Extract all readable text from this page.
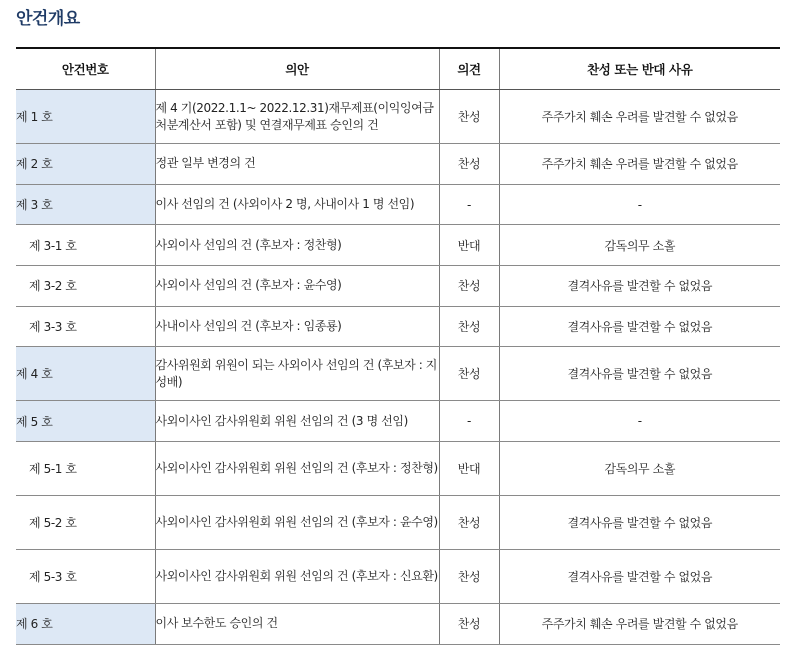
안건개요
안건번호	의안	의견	찬성 또는 반대 사유
제 1 호	제 4 기(2022.1.1~ 2022.12.31)재무제표(이익잉여금처분계산서 포함) 및 연결재무제표 승인의 건	찬성	주주가치 훼손 우려를 발견할 수 없었음
제 2 호	정관 일부 변경의 건	찬성	주주가치 훼손 우려를 발견할 수 없었음
제 3 호	이사 선임의 건 (사외이사 2 명, 사내이사 1 명 선임)	-	-
제 3-1 호	사외이사 선임의 건 (후보자 : 정찬형)	반대	감독의무 소홀
제 3-2 호	사외이사 선임의 건 (후보자 : 윤수영)	찬성	결격사유를 발견할 수 없었음
제 3-3 호	사내이사 선임의 건 (후보자 : 임종룡)	찬성	결격사유를 발견할 수 없었음
제 4 호	감사위원회 위원이 되는 사외이사 선임의 건 (후보자 : 지성배)	찬성	결격사유를 발견할 수 없었음
제 5 호	사외이사인 감사위원회 위원 선임의 건 (3 명 선임)	-	-
제 5-1 호	사외이사인 감사위원회 위원 선임의 건 (후보자 : 정찬형)	반대	감독의무 소홀
제 5-2 호	사외이사인 감사위원회 위원 선임의 건 (후보자 : 윤수영)	찬성	결격사유를 발견할 수 없었음
제 5-3 호	사외이사인 감사위원회 위원 선임의 건 (후보자 : 신요환)	찬성	결격사유를 발견할 수 없었음
제 6 호	이사 보수한도 승인의 건	찬성	주주가치 훼손 우려를 발견할 수 없었음
